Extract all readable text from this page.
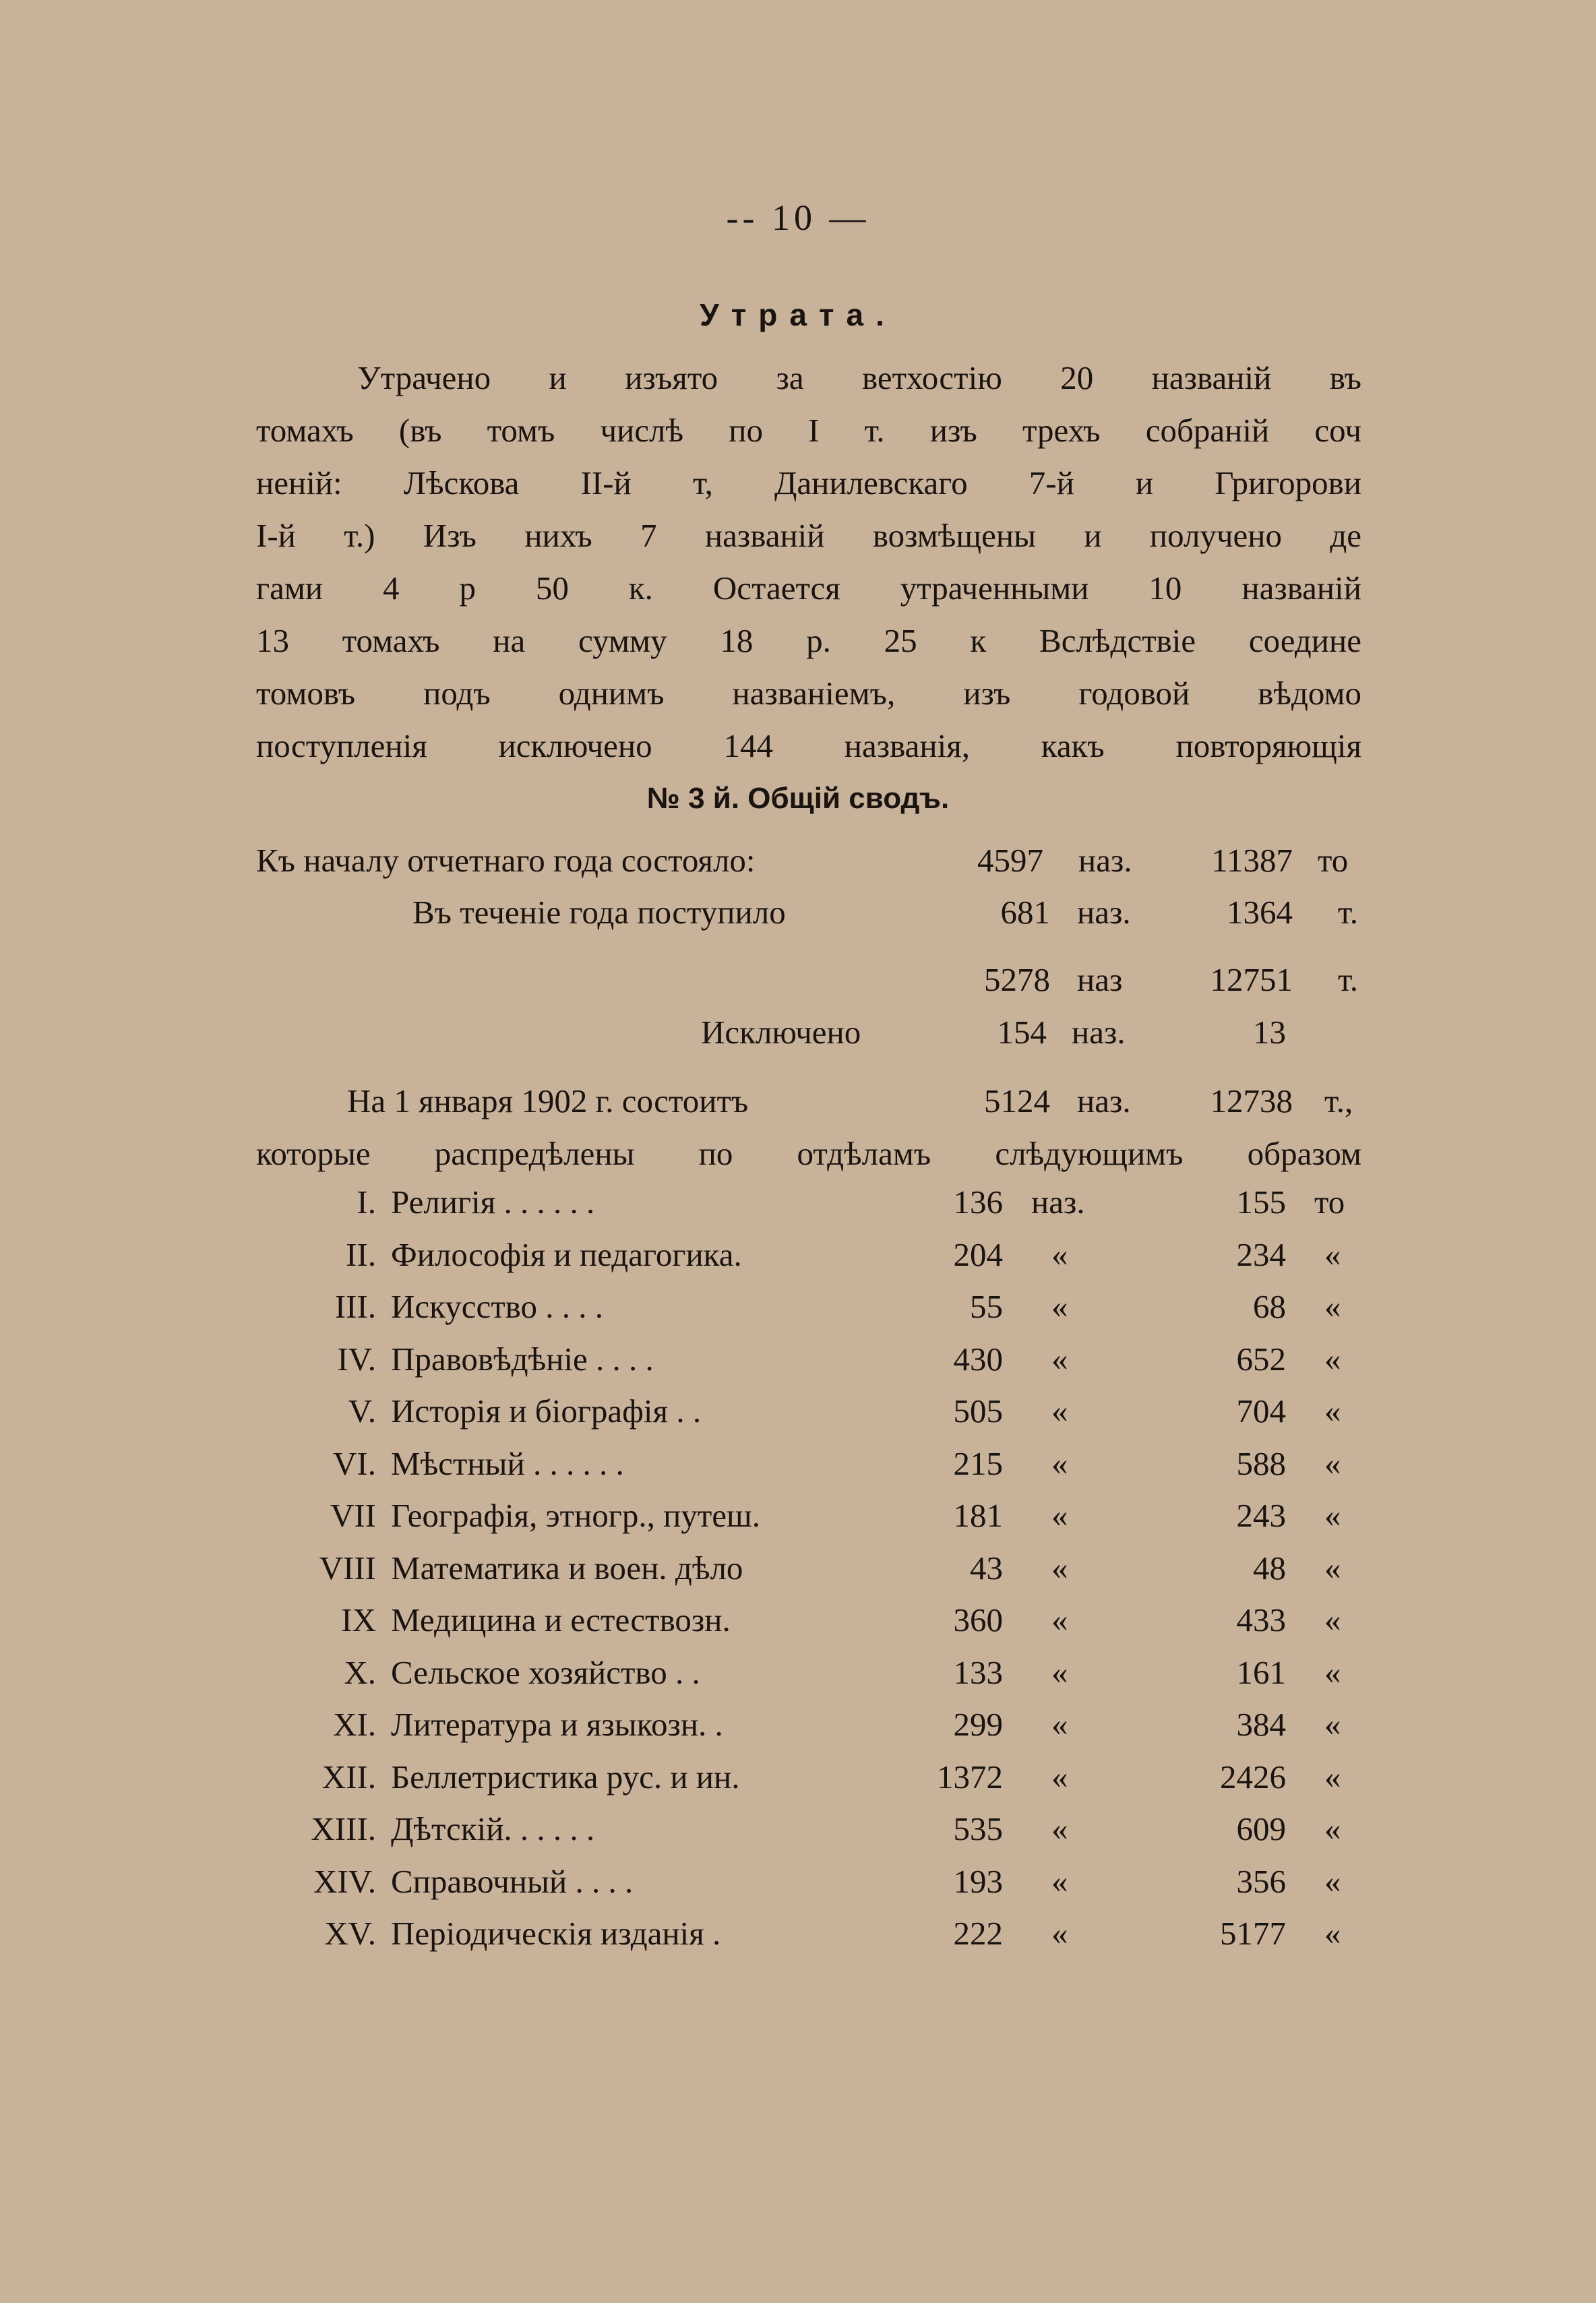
-- 10 —
Утрата.
Утрачено и изъято за ветхостію 20 названій въ
томахъ (въ томъ числѣ по I т. изъ трехъ собраній соч
неній: Лѣскова II-й т, Данилевскаго 7-й и Григорови
I-й т.) Изъ нихъ 7 названій возмѣщены и получено де
гами 4 р 50 к. Остается утраченными 10 названій
13 томахъ на сумму 18 р. 25 к Вслѣдствіе соедине
томовъ подъ однимъ названіемъ, изъ годовой вѣдомо
поступленія исключено 144 названія, какъ повторяющія
№ 3 й. Общій сводъ.
Къ началу отчетнаго года состояло:	4597 наз. 11387 то
Въ теченіе года поступило	681 наз.	1364 т.
5278 наз	12751 т.
Исключено	154 наз.	13
На 1 января 1902 г. состоитъ	5124 наз. 12738 т.,
которые распредѣлены по отдѣламъ слѣдующимъ образом
I. Религія . . . . . .	136 наз.	155 то
II. Философія и педагогика.	204 «	234 «
III. Искусство . . . .	55 «	68 «
IV. Правовѣдѣніе . . . .	430 «	652 «
V. Исторія и біографія . .	505 «	704 «
VI. Мѣстный . . . . . .	215 «	588 «
VII Географія, этногр., путеш.	181 «	243 «
VIII Математика и воен. дѣло	43 «	48 «
IX Медицина и естествозн.	360 «	433 «
X. Сельское хозяйство . .	133 «	161 «
XI. Литература и языкозн. .	299 «	384 «
XII. Беллетристика рус. и ин.	1372 «	2426 «
XIII. Дѣтскій. . . . . .	535 «	609 «
XIV. Справочный . . . .	193 «	356 «
XV. Періодическія изданія .	222 «	5177 «
